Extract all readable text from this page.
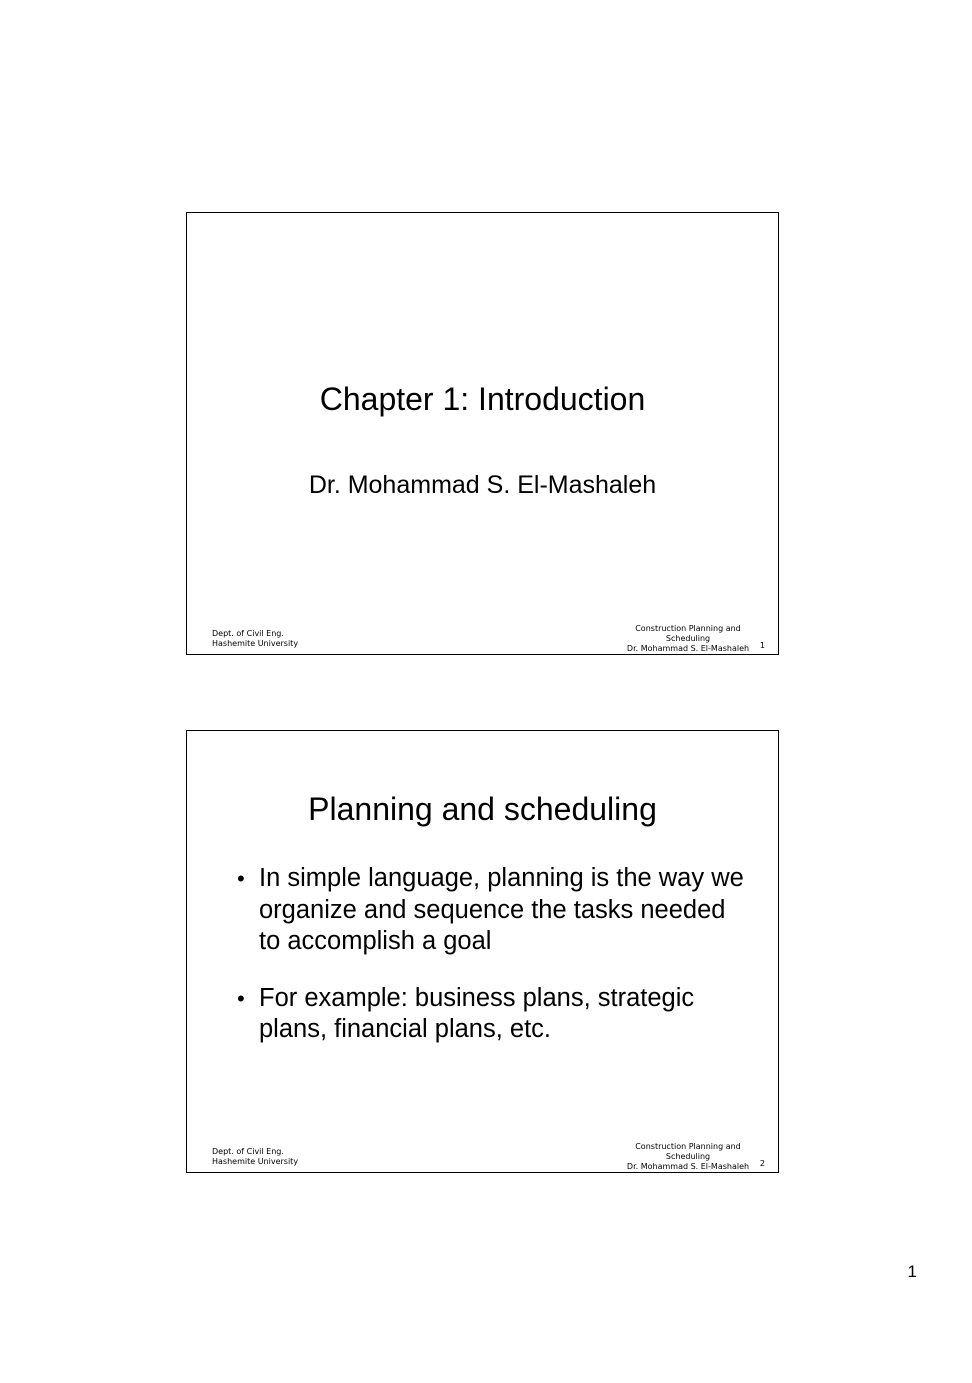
Chapter 1: Introduction
Dr. Mohammad S. El-Mashaleh
Dept. of Civil Eng.
Hashemite University
Construction Planning and
Scheduling
Dr. Mohammad S. El-Mashaleh	1
Planning and scheduling
• In simple language, planning is the way we organize and sequence the tasks needed to accomplish a goal
• For example: business plans, strategic plans, financial plans, etc.
Dept. of Civil Eng.
Hashemite University
Construction Planning and
Scheduling
Dr. Mohammad S. El-Mashaleh	2
1
